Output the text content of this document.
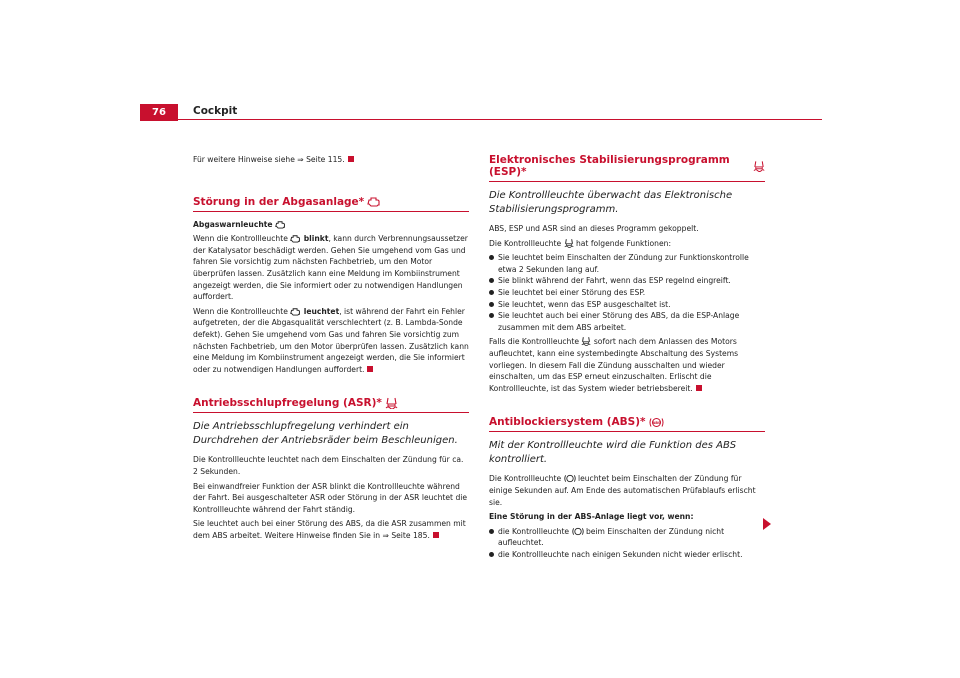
76	Cockpit
Für weitere Hinweise siehe ⇒ Seite 115.
Störung in der Abgasanlage*

Abgaswarnleuchte

Wenn die Kontrollleuchte  blinkt, kann durch Verbrennungsaussetzer der Katalysator beschädigt werden. Gehen Sie umgehend vom Gas und fahren Sie vorsichtig zum nächsten Fachbetrieb, um den Motor überprüfen lassen. Zusätzlich kann eine Meldung im Kombiinstrument angezeigt werden, die Sie informiert oder zu notwendigen Handlungen auffordert.

Wenn die Kontrollleuchte  leuchtet, ist während der Fahrt ein Fehler aufgetreten, der die Abgasqualität verschlechtert (z. B. Lambda-Sonde defekt). Gehen Sie umgehend vom Gas und fahren Sie vorsichtig zum nächsten Fachbetrieb, um den Motor überprüfen lassen. Zusätzlich kann eine Meldung im Kombiinstrument angezeigt werden, die Sie informiert oder zu notwendigen Handlungen auffordert.

Antriebsschlupfregelung (ASR)*
Die Antriebsschlupfregelung verhindert ein Durchdrehen der Antriebsräder beim Beschleunigen.

Die Kontrollleuchte leuchtet nach dem Einschalten der Zündung für ca. 2 Sekunden.

Bei einwandfreier Funktion der ASR blinkt die Kontrollleuchte während der Fahrt. Bei ausgeschalteter ASR oder Störung in der ASR leuchtet die Kontrollleuchte während der Fahrt ständig.

Sie leuchtet auch bei einer Störung des ABS, da die ASR zusammen mit dem ABS arbeitet. Weitere Hinweise finden Sie in ⇒ Seite 185.

Elektronisches Stabilisierungsprogramm (ESP)*
Die Kontrollleuchte überwacht das Elektronische Stabilisierungsprogramm.

ABS, ESP und ASR sind an dieses Programm gekoppelt.

Die Kontrollleuchte  hat folgende Funktionen:

Sie leuchtet beim Einschalten der Zündung zur Funktionskontrolle etwa 2 Sekunden lang auf.
Sie blinkt während der Fahrt, wenn das ESP regelnd eingreift.
Sie leuchtet bei einer Störung des ESP.
Sie leuchtet, wenn das ESP ausgeschaltet ist.
Sie leuchtet auch bei einer Störung des ABS, da die ESP-Anlage zusammen mit dem ABS arbeitet.

Falls die Kontrollleuchte  sofort nach dem Anlassen des Motors aufleuchtet, kann eine systembedingte Abschaltung des Systems vorliegen. In diesem Fall die Zündung ausschalten und wieder einschalten, um das ESP erneut einzuschalten. Erlischt die Kontrollleuchte, ist das System wieder betriebsbereit.

Antiblockiersystem (ABS)* ABS
Mit der Kontrollleuchte wird die Funktion des ABS kontrolliert.

Die Kontrollleuchte  leuchtet beim Einschalten der Zündung für einige Sekunden auf. Am Ende des automatischen Prüfablaufs erlischt sie.

Eine Störung in der ABS-Anlage liegt vor, wenn:

die Kontrollleuchte  beim Einschalten der Zündung nicht aufleuchtet.
die Kontrollleuchte nach einigen Sekunden nicht wieder erlischt.
